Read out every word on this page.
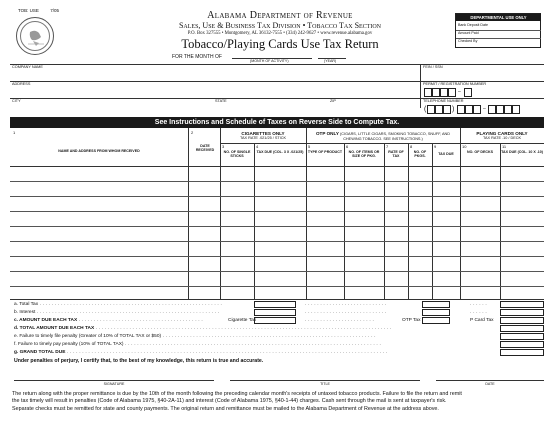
TOB: USE	7/05	Alabama Department of Revenue
Sales, Use & Business Tax Division • Tobacco Tax Section
P.O. Box 327555 • Montgomery, AL 36132-7555 • (334) 242-9627 • www.revenue.alabama.gov
Tobacco/Playing Cards Use Tax Return
FOR THE MONTH OF
(MONTH OF ACTIVITY)	(YEAR)
DEPARTMENTAL USE ONLY
Bank Deposit Date
Amount Paid
Checked By
COMPANY NAME	FEIN / SSN
ADDRESS	PERMIT / REGISTRATION NUMBER
–
CITY	STATE	ZIP	TELEPHONE NUMBER
(	)	–
See Instructions and Schedule of Taxes on Reverse Side to Compute Tax.
1
NAME AND ADDRESS FROM WHOM RECEIVED
2
DATE RECEIVED
CIGARETTES ONLY
TAX RATE .021/25 / STICK
OTP ONLY (CIGARS, LITTLE CIGARS, SMOKING TOBACCO, SNUFF, AND CHEWING TOBACCO. SEE INSTRUCTIONS.)
PLAYING CARDS ONLY
TAX RATE .10 / DECK
3
NO. OF SINGLE STICKS
4
TAX DUE (COL. 3 X .021/25)
5
TYPE OF PRODUCT
6
NO. OF ITEMS OR SIZE OF PKG.
7
RATE OF TAX
8
NO. OF PKGS.
9
TAX DUE
10
NO. OF DECKS
11
TAX DUE (COL. 10 X .10)
a. Total Tax . . . . . . . . . . . . . . . . . . . . . . . . . . . . . . . . . . . . . . . . . . . . . . . . . . . . . . . . . . . .
b. Interest . . . . . . . . . . . . . . . . . . . . . . . . . . . . . . . . . . . . . . . . . . . . . . . . . . . . . . . . . . . .
c. AMOUNT DUE EACH TAX . . . . . . . . . . . . . . . . . . . . . . . . . . . . . . . . . . . . . . . . .	Cigarette Tax	OTP Tax	P Card Tax
. . . . . . . . . . . . . . . . . . . . . . . . . . .
. . . . . . . . . . . . . . . . . . . . . . . . . . .
. . . . . . . . . . . . . . . . . . . . . . .
. . . . . .
. . . . . .
d. TOTAL AMOUNT DUE EACH TAX . . . . . . . . . . . . . . . . . . . . . . . . . . . . . . . . . . . . . . . . . . . . . . . . . . . . . . . . . . . . . . . . . . . . . . . . . . . . . . . . . . . . . . . . . . . . . . . . .
e. Failure to timely file penalty (Greater of 10% of TOTAL TAX or $50) . . . . . . . . . . . . . . . . . . . . . . . . . . . . . . . . . . . . . . . . . . . . . . . . . . . . . . . . . . . . . . . . . . . . . .
f. Failure to timely pay penalty (10% of TOTAL TAX) . . . . . . . . . . . . . . . . . . . . . . . . . . . . . . . . . . . . . . . . . . . . . . . . . . . . . . . . . . . . . . . . . . . . . . . . . . . . . . . . . . . .
g. GRAND TOTAL DUE . . . . . . . . . . . . . . . . . . . . . . . . . . . . . . . . . . . . . . . . . . . . . . . . . . . . . . . . . . . . . . . . . . . . . . . . . . . . . . . . . . . . . . . . . . . . . . . . . . . . . . . . .
Under penalties of perjury, I certify that, to the best of my knowledge, this return is true and accurate.
SIGNATURE	TITLE	DATE
The return along with the proper remittance is due by the 10th of the month following the preceding calendar month's receipts of untaxed tobacco products. Failure to file the return and remit
the tax timely will result in penalties (Code of Alabama 1975, §40-2A-11) and interest (Code of Alabama 1975, §40-1-44) charges. Cash sent through the mail is sent at taxpayer's risk.
Separate checks must be remitted for state and county payments. The original return and remittance must be mailed to the Alabama Department of Revenue at the address above.
